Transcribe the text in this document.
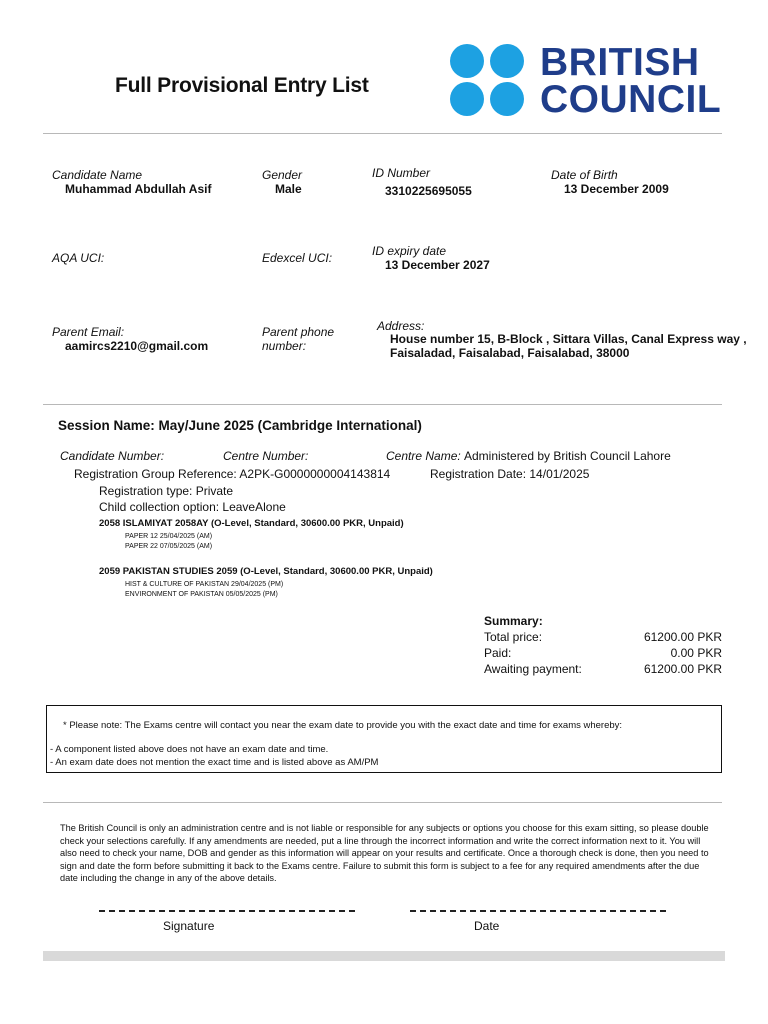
Full Provisional Entry List
BRITISH
COUNCIL
Candidate Name
Muhammad Abdullah Asif
Gender
Male
ID Number
3310225695055
Date of Birth
13 December 2009
AQA UCI:	Edexcel UCI:	ID expiry date
13 December 2027
Parent Email:
aamircs2210@gmail.com
Parent phone
number:
Address:
House number 15, B-Block , Sittara Villas, Canal Express way ,
Faisaladad, Faisalabad, Faisalabad, 38000
Session Name: May/June 2025 (Cambridge International)
Candidate Number:	Centre Number:	Centre Name: Administered by British Council Lahore
Registration Group Reference: A2PK-G0000000004143814	Registration Date: 14/01/2025
Registration type: Private
Child collection option: LeaveAlone
2058 ISLAMIYAT 2058AY (O-Level, Standard, 30600.00 PKR, Unpaid)
PAPER 12 25/04/2025 (AM)
PAPER 22 07/05/2025 (AM)
2059 PAKISTAN STUDIES 2059 (O-Level, Standard, 30600.00 PKR, Unpaid)
HIST & CULTURE OF PAKISTAN 29/04/2025 (PM)
ENVIRONMENT OF PAKISTAN 05/05/2025 (PM)
Summary:
Total price:	61200.00 PKR
Paid:	0.00 PKR
Awaiting payment:	61200.00 PKR
* Please note: The Exams centre will contact you near the exam date to provide you with the exact date and time for exams whereby:
- A component listed above does not have an exam date and time.
- An exam date does not mention the exact time and is listed above as AM/PM
The British Council is only an administration centre and is not liable or responsible for any subjects or options you choose for this exam sitting, so please double check your selections carefully. If any amendments are needed, put a line through the incorrect information and write the correct information next to it. You will also need to check your name, DOB and gender as this information will appear on your results and certificate. Once a thorough check is done, then you need to sign and date the form before submitting it back to the Exams centre. Failure to submit this form is subject to a fee for any required amendments after the due date including the change in any of the above details.
Signature	Date
